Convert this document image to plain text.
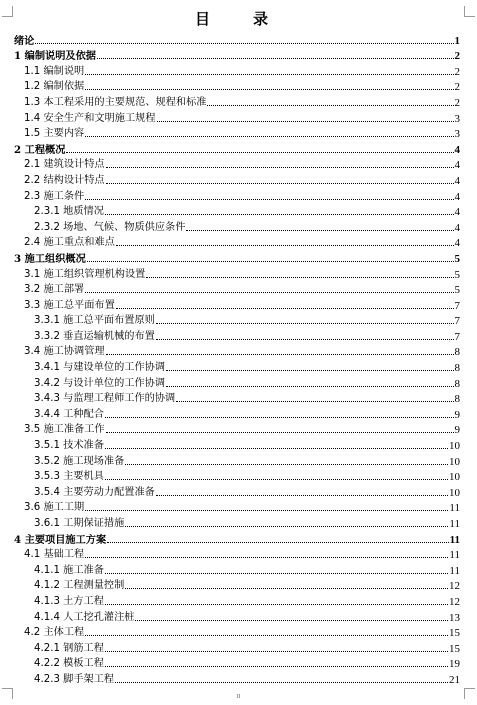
目　录
绪论	1
1 编制说明及依据	2
1.1 编制说明	2
1.2 编制依据	2
1.3 本工程采用的主要规范、规程和标准	2
1.4 安全生产和文明施工规程	3
1.5 主要内容	3
2 工程概况	4
2.1 建筑设计特点	4
2.2 结构设计特点	4
2.3 施工条件	4
2.3.1 地质情况	4
2.3.2 场地、气候、物质供应条件	4
2.4 施工重点和难点	4
3 施工组织概况	5
3.1 施工组织管理机构设置	5
3.2 施工部署	5
3.3 施工总平面布置	7
3.3.1 施工总平面布置原则	7
3.3.2 垂直运输机械的布置	7
3.4 施工协调管理	8
3.4.1 与建设单位的工作协调	8
3.4.2 与设计单位的工作协调	8
3.4.3 与监理工程师工作的协调	8
3.4.4 工种配合	9
3.5 施工准备工作	9
3.5.1 技术准备	10
3.5.2 施工现场准备	10
3.5.3 主要机具	10
3.5.4 主要劳动力配置准备	10
3.6 施工工期	11
3.6.1 工期保证措施	11
4 主要项目施工方案	11
4.1 基础工程	11
4.1.1 施工准备	11
4.1.2 工程测量控制	12
4.1.3 土方工程	12
4.1.4 人工挖孔灌注桩	13
4.2 主体工程	15
4.2.1 钢筋工程	15
4.2.2 模板工程	19
4.2.3 脚手架工程	21
II
